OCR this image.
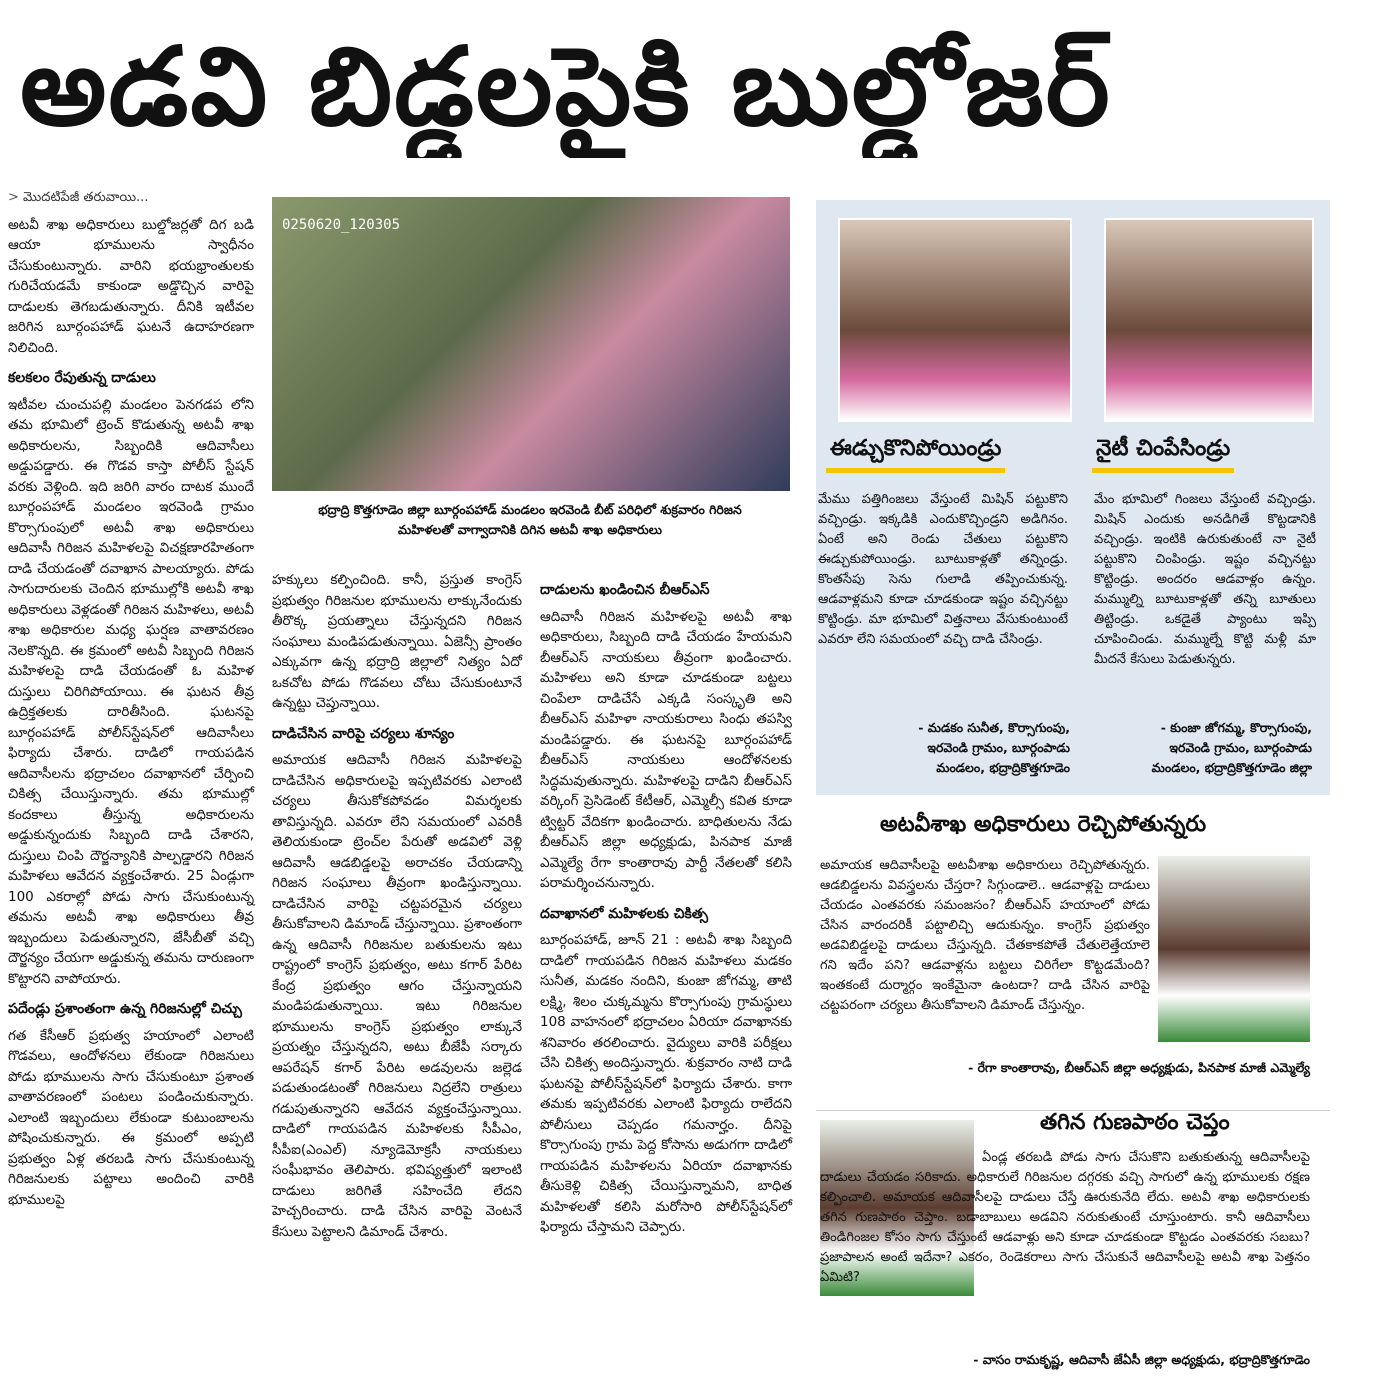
అడవి బిడ్డలపైకి బుల్డోజర్
> మొదటిపేజీ తరువాయి...

అటవీ శాఖ అధికారులు బుల్డోజర్లతో దిగ బడి ఆయా భూములను స్వాధీనం చేసుకుంటున్నారు. వారిని భయభ్రాంతులకు గురిచేయడమే కాకుండా అడ్డొచ్చిన వారిపై దాడులకు తెగబడుతున్నారు. దీనికి ఇటీవల జరిగిన బూర్గంపహాడ్ ఘటనే ఉదాహరణగా నిలిచింది.

కలకలం రేపుతున్న దాడులు

ఇటీవల చుంచుపల్లి మండలం పెనగడప లోని తమ భూమిలో ట్రెంచ్ కొడుతున్న అటవీ శాఖ అధికారులను, సిబ్బందికి ఆదివాసీలు అడ్డుపడ్డారు. ఈ గొడవ కాస్తా పోలీస్ స్టేషన్ వరకు వెళ్లింది. ఇది జరిగి వారం దాటక ముందే బూర్గంపహాడ్ మండలం ఇరవెండి గ్రామం కొర్సాగుంపులో అటవీ శాఖ అధికారులు ఆదివాసీ గిరిజన మహిళలపై విచక్షణారహితంగా దాడి చేయడంతో దవాఖాన పాలయ్యారు. పోడు సాగుదారులకు చెందిన భూముల్లోకి అటవీ శాఖ అధికారులు వెళ్లడంతో గిరిజన మహిళలు, అటవీ శాఖ అధికారుల మధ్య ఘర్షణ వాతావరణం నెలకొన్నది. ఈ క్రమంలో అటవీ సిబ్బంది గిరిజన మహిళలపై దాడి చేయడంతో ఓ మహిళ దుస్తులు చిరిగిపోయాయి. ఈ ఘటన తీవ్ర ఉద్రిక్తతలకు దారితీసింది. ఘటనపై బూర్గంపహాడ్ పోలీస్‌స్టేషన్‌లో ఆదివాసీలు ఫిర్యాదు చేశారు. దాడిలో గాయపడిన ఆదివాసీలను భద్రాచలం దవాఖానలో చేర్పించి చికిత్స చేయిస్తున్నారు. తమ భూముల్లో కందకాలు తీస్తున్న అధికారులను అడ్డుకున్నందుకు సిబ్బంది దాడి చేశారని, దుస్తులు చింపి దౌర్జన్యానికి పాల్పడ్డారని గిరిజన మహిళలు ఆవేదన వ్యక్తంచేశారు. 25 ఏండ్లుగా 100 ఎకరాల్లో పోడు సాగు చేసుకుంటున్న తమను అటవీ శాఖ అధికారులు తీవ్ర ఇబ్బందులు పెడుతున్నారని, జేసీబీతో వచ్చి దౌర్జన్యం చేయగా అడ్డుకున్న తమను దారుణంగా కొట్టారని వాపోయారు.

పదేండ్లు ప్రశాంతంగా ఉన్న గిరిజనుల్లో చిచ్చు

గత కేసీఆర్ ప్రభుత్వ హయాంలో ఎలాంటి గొడవలు, ఆందోళనలు లేకుండా గిరిజనులు పోడు భూములను సాగు చేసుకుంటూ ప్రశాంత వాతావరణంలో పంటలు పండించుకున్నారు. ఎలాంటి ఇబ్బందులు లేకుండా కుటుంబాలను పోషించుకున్నారు. ఈ క్రమంలో అప్పటి ప్రభుత్వం ఏళ్ల తరబడి సాగు చేసుకుంటున్న గిరిజనులకు పట్టాలు అందించి వారికి భూములపై

0250620_120305
భద్రాద్రి కొత్తగూడెం జిల్లా బూర్గంపహాడ్ మండలం ఇరవెండి బీట్ పరిధిలో శుక్రవారం గిరిజన మహిళలతో వాగ్వాదానికి దిగిన అటవీ శాఖ అధికారులు

హక్కులు కల్పించింది. కానీ, ప్రస్తుత కాంగ్రెస్ ప్రభుత్వం గిరిజనుల భూములను లాక్కునేందుకు తీరొక్క ప్రయత్నాలు చేస్తున్నదని గిరిజన సంఘాలు మండిపడుతున్నాయి. ఏజెన్సీ ప్రాంతం ఎక్కువగా ఉన్న భద్రాద్రి జిల్లాలో నిత్యం ఏదో ఒకచోట పోడు గొడవలు చోటు చేసుకుంటూనే ఉన్నట్టు చెప్తున్నాయి.

దాడిచేసిన వారిపై చర్యలు శూన్యం

అమాయక ఆదివాసీ గిరిజన మహిళలపై దాడిచేసిన అధికారులపై ఇప్పటివరకు ఎలాంటి చర్యలు తీసుకోకపోవడం విమర్శలకు తావిస్తున్నది. ఎవరూ లేని సమయంలో ఎవరికీ తెలియకుండా ట్రెంచ్‌ల పేరుతో అడవిలో వెళ్లి ఆదివాసీ ఆడబిడ్డలపై అరాచకం చేయడాన్ని గిరిజన సంఘాలు తీవ్రంగా ఖండిస్తున్నాయి. దాడిచేసిన వారిపై చట్టపరమైన చర్యలు తీసుకోవాలని డిమాండ్ చేస్తున్నాయి. ప్రశాంతంగా ఉన్న ఆదివాసీ గిరిజనుల బతుకులను ఇటు రాష్ట్రంలో కాంగ్రెస్ ప్రభుత్వం, అటు కగార్ పేరిట కేంద్ర ప్రభుత్వం ఆగం చేస్తున్నాయని మండిపడుతున్నాయి. ఇటు గిరిజనుల భూములను కాంగ్రెస్ ప్రభుత్వం లాక్కునే ప్రయత్నం చేస్తున్నదని, అటు బీజేపీ సర్కారు ఆపరేషన్ కగార్ పేరిట అడవులను జల్లెడ పడుతుండటంతో గిరిజనులు నిద్రలేని రాత్రులు గడుపుతున్నారని ఆవేదన వ్యక్తంచేస్తున్నాయి. దాడిలో గాయపడిన మహిళలకు సీపీఎం, సీపీఐ(ఎంఎల్) న్యూడెమోక్రసీ నాయకులు సంఘీభావం తెలిపారు. భవిష్యత్తులో ఇలాంటి దాడులు జరిగితే సహించేది లేదని హెచ్చరించారు. దాడి చేసిన వారిపై వెంటనే కేసులు పెట్టాలని డిమాండ్ చేశారు.

దాడులను ఖండించిన బీఆర్‌ఎస్

ఆదివాసీ గిరిజన మహిళలపై అటవీ శాఖ అధికారులు, సిబ్బంది దాడి చేయడం హేయమని బీఆర్‌ఎస్ నాయకులు తీవ్రంగా ఖండించారు. మహిళలు అని కూడా చూడకుండా బట్టలు చింపేలా దాడిచేసే ఎక్కడి సంస్కృతి అని బీఆర్‌ఎస్ మహిళా నాయకురాలు సింధు తపస్వి మండిపడ్డారు. ఈ ఘటనపై బూర్గంపహాడ్ బీఆర్‌ఎస్ నాయకులు ఆందోళనలకు సిద్ధమవుతున్నారు. మహిళలపై దాడిని బీఆర్‌ఎస్ వర్కింగ్ ప్రెసిడెంట్ కేటీఆర్, ఎమ్మెల్సీ కవిత కూడా ట్విట్టర్ వేదికగా ఖండించారు. బాధితులను నేడు బీఆర్‌ఎస్ జిల్లా అధ్యక్షుడు, పినపాక మాజీ ఎమ్మెల్యే రేగా కాంతారావు పార్టీ నేతలతో కలిసి పరామర్శించనున్నారు.

దవాఖానలో మహిళలకు చికిత్స

బూర్గంపహాడ్, జూన్ 21 : అటవీ శాఖ సిబ్బంది దాడిలో గాయపడిన గిరిజన మహిళలు మడకం సునీత, మడకం నందిని, కుంజా జోగమ్మ, తాటి లక్ష్మి, శిలం చుక్కమ్మను కొర్సాగుంపు గ్రామస్థులు 108 వాహనంలో భద్రాచలం ఏరియా దవాఖానకు శనివారం తరలించారు. వైద్యులు వారికి పరీక్షలు చేసి చికిత్స అందిస్తున్నారు. శుక్రవారం నాటి దాడి ఘటనపై పోలీస్‌స్టేషన్‌లో ఫిర్యాదు చేశారు. కాగా తమకు ఇప్పటివరకు ఎలాంటి ఫిర్యాదు రాలేదని పోలీసులు చెప్పడం గమనార్హం. దీనిపై కొర్సాగుంపు గ్రామ పెద్ద కోసాను అడుగగా దాడిలో గాయపడిన మహిళలను ఏరియా దవాఖానకు తీసుకెళ్లి చికిత్స చేయిస్తున్నామని, బాధిత మహిళలతో కలిసి మరోసారి పోలీస్‌స్టేషన్‌లో ఫిర్యాదు చేస్తామని చెప్పారు.

ఈడ్చుకొనిపోయిండ్రు	నైటీ చింపేసిండ్రు
మేము పత్తిగింజలు వేస్తుంటే మిషిన్ పట్టుకొని వచ్చిండ్రు. ఇక్కడికి ఎందుకొచ్చిండ్రని అడిగినం. ఏంటే అని రెండు చేతులు పట్టుకొని ఈడ్చుకుపోయిండ్రు. బూటుకాళ్లతో తన్నిండ్రు. కొంతసేపు సెను గులాడి తప్పించుకున్న. ఆడవాళ్లమని కూడా చూడకుండా ఇష్టం వచ్చినట్టు కొట్టిండ్రు. మా భూమిలో విత్తనాలు వేసుకుంటుంటే ఎవరూ లేని సమయంలో వచ్చి దాడి చేసిండ్రు.
మేం భూమిలో గింజలు వేస్తుంటే వచ్చిండ్రు. మిషిన్ ఎందుకు అనడిగితే కొట్టడానికి వచ్చిండ్రు. ఇంటికి ఉరుకుతుంటే నా నైటీ పట్టుకొని చింపిండ్రు. ఇష్టం వచ్చినట్టు కొట్టిండ్రు. అందరం ఆడవాళ్లం ఉన్నం. మమ్ముల్ని బూటుకాళ్లతో తన్ని బూతులు తిట్టిండ్రు. ఒకడైతే ప్యాంటు ఇప్పి చూపించిండు. మమ్ముల్నే కొట్టి మళ్లీ మా మీదనే కేసులు పెడుతున్నరు.
- మడకం సునీత, కొర్సాగుంపు,
ఇరవెండి గ్రామం, బూర్గంపాడు
మండలం, భద్రాద్రికొత్తగూడెం
- కుంజా జోగమ్మ, కొర్సాగుంపు,
ఇరవెండి గ్రామం, బూర్గంపాడు
మండలం, భద్రాద్రికొత్తగూడెం జిల్లా
అటవీశాఖ అధికారులు రెచ్చిపోతున్నరు
అమాయక ఆదివాసీలపై అటవీశాఖ అధికారులు రెచ్చిపోతున్నరు. ఆడబిడ్డలను వివస్త్రలను చేస్తరా? సిగ్గుండాలె.. ఆడవాళ్లపై దాడులు చేయడం ఎంతవరకు సమంజసం? బీఆర్‌ఎస్ హయాంలో పోడు చేసిన వారందరికీ పట్టాలిచ్చి ఆదుకున్నం. కాంగ్రెస్ ప్రభుత్వం అడవిబిడ్డలపై దాడులు చేస్తున్నది. చేతకాకపోతే చేతులెత్తేయాలె గని ఇదేం పని? ఆడవాళ్లను బట్టలు చిరిగేలా కొట్టడమేంది? ఇంతకంటే దుర్మార్గం ఇంకేమైనా ఉంటదా? దాడి చేసిన వారిపై చట్టపరంగా చర్యలు తీసుకోవాలని డిమాండ్ చేస్తున్నం.
- రేగా కాంతారావు, బీఆర్‌ఎస్ జిల్లా అధ్యక్షుడు, పినపాక మాజీ ఎమ్మెల్యే
తగిన గుణపాఠం చెప్తం
ఏండ్ల తరబడి పోడు సాగు చేసుకొని బతుకుతున్న ఆదివాసీలపై దాడులు చేయడం సరికాదు. అధికారులే గిరిజనుల దగ్గరకు వచ్చి సాగులో ఉన్న భూములకు రక్షణ కల్పించాలి. అమాయక ఆదివాసీలపై దాడులు చేస్తే ఊరుకునేది లేదు. అటవీ శాఖ అధికారులకు తగిన గుణపాఠం చెప్తాం. బడాబాబులు అడవిని నరుకుతుంటే చూస్తుంటారు. కానీ ఆదివాసీలు తిండిగింజల కోసం సాగు చేస్తుంటే ఆడవాళ్లు అని కూడా చూడకుండా కొట్టడం ఎంతవరకు సబబు? ప్రజాపాలన అంటే ఇదేనా? ఎకరం, రెండెకరాలు సాగు చేసుకునే ఆదివాసీలపై అటవీ శాఖ పెత్తనం ఏమిటి?
- వాసం రామకృష్ణ, ఆదివాసీ జేఏసీ జిల్లా అధ్యక్షుడు, భద్రాద్రికొత్తగూడెం
